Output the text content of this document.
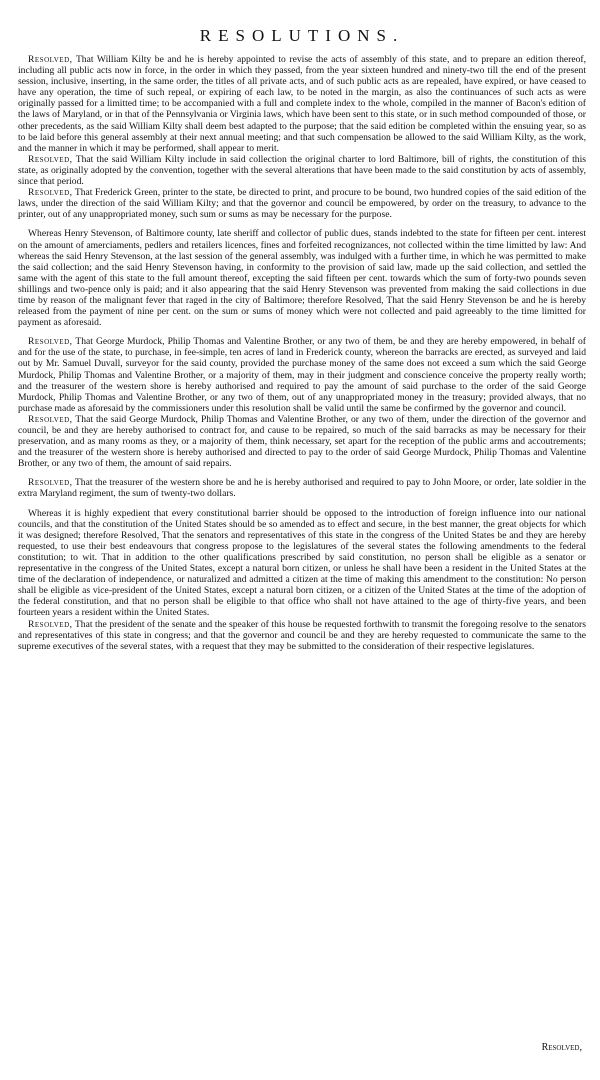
RESOLUTIONS.

Resolved, That William Kilty be and he is hereby appointed to revise the acts of assembly of this state, and to prepare an edition thereof, including all public acts now in force, in the order in which they passed, from the year sixteen hundred and ninety-two till the end of the present session, inclusive, inserting, in the same order, the titles of all private acts, and of such public acts as are repealed, have expired, or have ceased to have any operation, the time of such repeal, or expiring of each law, to be noted in the margin, as also the continuances of such acts as were originally passed for a limitted time; to be accompanied with a full and complete index to the whole, compiled in the manner of Bacon's edition of the laws of Maryland, or in that of the Pennsylvania or Virginia laws, which have been sent to this state, or in such method compounded of those, or other precedents, as the said William Kilty shall deem best adapted to the purpose; that the said edition be completed within the ensuing year, so as to be laid before this general assembly at their next annual meeting; and that such compensation be allowed to the said William Kilty, as the work, and the manner in which it may be performed, shall appear to merit.

Resolved, That the said William Kilty include in said collection the original charter to lord Baltimore, bill of rights, the constitution of this state, as originally adopted by the convention, together with the several alterations that have been made to the said constitution by acts of assembly, since that period.

Resolved, That Frederick Green, printer to the state, be directed to print, and procure to be bound, two hundred copies of the said edition of the laws, under the direction of the said William Kilty; and that the governor and council be empowered, by order on the treasury, to advance to the printer, out of any unappropriated money, such sum or sums as may be necessary for the purpose.

Whereas Henry Stevenson, of Baltimore county, late sheriff and collector of public dues, stands indebted to the state for fifteen per cent. interest on the amount of amerciaments, pedlers and retailers licences, fines and forfeited recognizances, not collected within the time limitted by law: And whereas the said Henry Stevenson, at the last session of the general assembly, was indulged with a further time, in which he was permitted to make the said collection; and the said Henry Stevenson having, in conformity to the provision of said law, made up the said collection, and settled the same with the agent of this state to the full amount thereof, excepting the said fifteen per cent. towards which the sum of forty-two pounds seven shillings and two-pence only is paid; and it also appearing that the said Henry Stevenson was prevented from making the said collections in due time by reason of the malignant fever that raged in the city of Baltimore; therefore Resolved, That the said Henry Stevenson be and he is hereby released from the payment of nine per cent. on the sum or sums of money which were not collected and paid agreeably to the time limitted for payment as aforesaid.

Resolved, That George Murdock, Philip Thomas and Valentine Brother, or any two of them, be and they are hereby empowered, in behalf of and for the use of the state, to purchase, in fee-simple, ten acres of land in Frederick county, whereon the barracks are erected, as surveyed and laid out by Mr. Samuel Duvall, surveyor for the said county, provided the purchase money of the same does not exceed a sum which the said George Murdock, Philip Thomas and Valentine Brother, or a majority of them, may in their judgment and conscience conceive the property really worth; and the treasurer of the western shore is hereby authorised and required to pay the amount of said purchase to the order of the said George Murdock, Philip Thomas and Valentine Brother, or any two of them, out of any unappropriated money in the treasury; provided always, that no purchase made as aforesaid by the commissioners under this resolution shall be valid until the same be confirmed by the governor and council.

Resolved, That the said George Murdock, Philip Thomas and Valentine Brother, or any two of them, under the direction of the governor and council, be and they are hereby authorised to contract for, and cause to be repaired, so much of the said barracks as may be necessary for their preservation, and as many rooms as they, or a majority of them, think necessary, set apart for the reception of the public arms and accoutrements; and the treasurer of the western shore is hereby authorised and directed to pay to the order of said George Murdock, Philip Thomas and Valentine Brother, or any two of them, the amount of said repairs.

Resolved, That the treasurer of the western shore be and he is hereby authorised and required to pay to John Moore, or order, late soldier in the extra Maryland regiment, the sum of twenty-two dollars.

Whereas it is highly expedient that every constitutional barrier should be opposed to the introduction of foreign influence into our national councils, and that the constitution of the United States should be so amended as to effect and secure, in the best manner, the great objects for which it was designed; therefore Resolved, That the senators and representatives of this state in the congress of the United States be and they are hereby requested, to use their best endeavours that congress propose to the legislatures of the several states the following amendments to the federal constitution; to wit. That in addition to the other qualifications prescribed by said constitution, no person shall be eligible as a senator or representative in the congress of the United States, except a natural born citizen, or unless he shall have been a resident in the United States at the time of the declaration of independence, or naturalized and admitted a citizen at the time of making this amendment to the constitution: No person shall be eligible as vice-president of the United States, except a natural born citizen, or a citizen of the United States at the time of the adoption of the federal constitution, and that no person shall be eligible to that office who shall not have attained to the age of thirty-five years, and been fourteen years a resident within the United States.

Resolved, That the president of the senate and the speaker of this house be requested forthwith to transmit the foregoing resolve to the senators and representatives of this state in congress; and that the governor and council be and they are hereby requested to communicate the same to the supreme executives of the several states, with a request that they may be submitted to the consideration of their respective legislatures.

Resolved,
